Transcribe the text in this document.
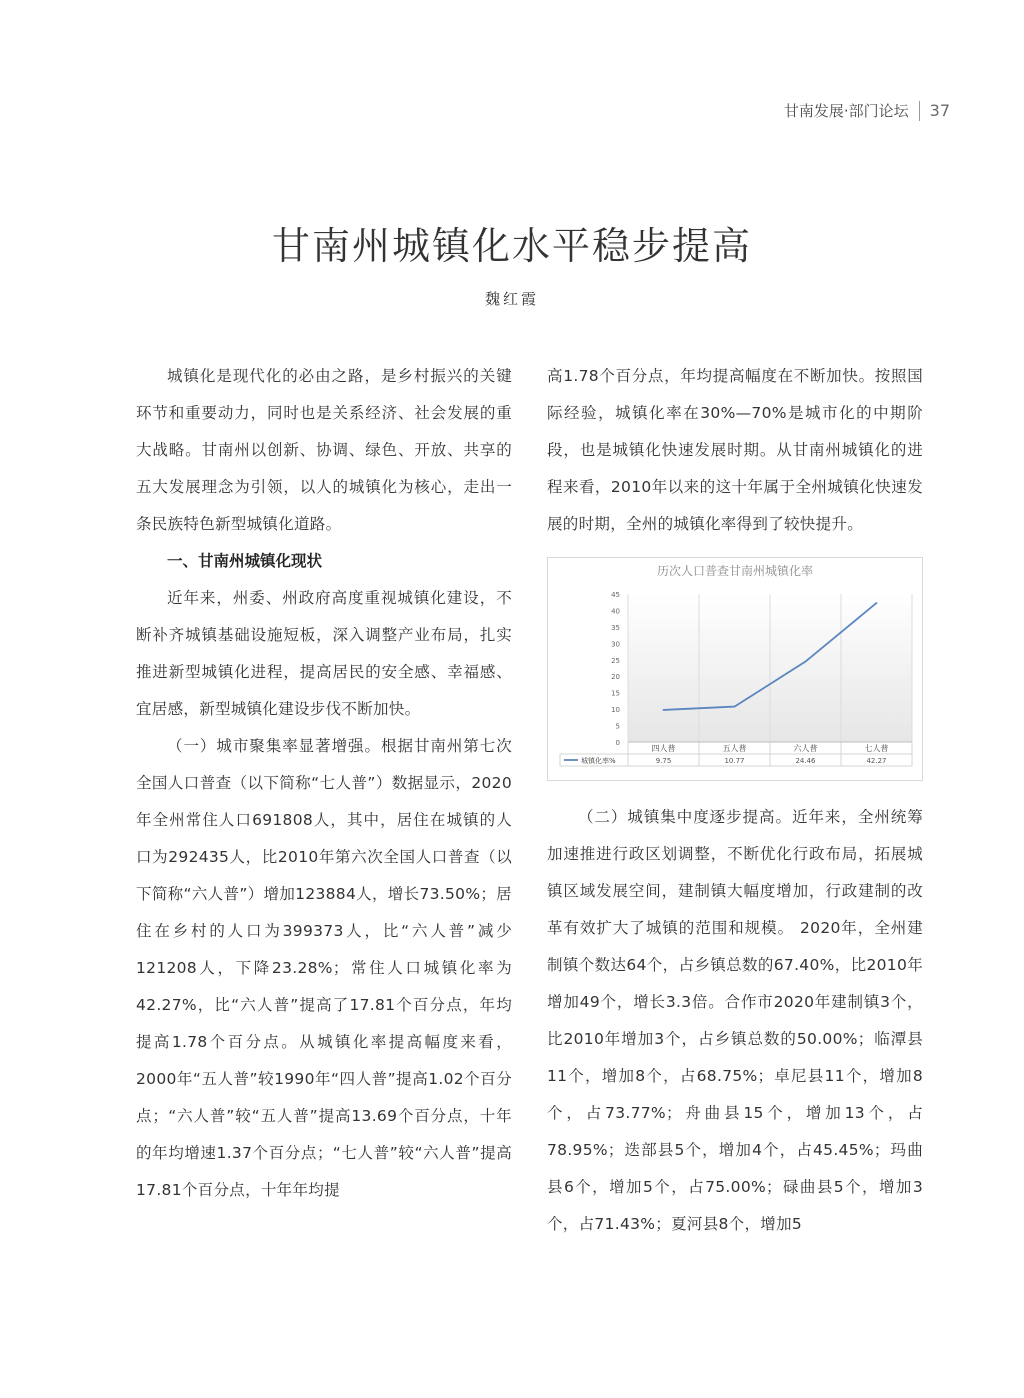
甘南发展·部门论坛 37
甘南州城镇化水平稳步提高
魏红霞

城镇化是现代化的必由之路，是乡村振兴的关键环节和重要动力，同时也是关系经济、社会发展的重大战略。甘南州以创新、协调、绿色、开放、共享的五大发展理念为引领，以人的城镇化为核心，走出一条民族特色新型城镇化道路。

一、甘南州城镇化现状

近年来，州委、州政府高度重视城镇化建设，不断补齐城镇基础设施短板，深入调整产业布局，扎实推进新型城镇化进程，提高居民的安全感、幸福感、宜居感，新型城镇化建设步伐不断加快。

（一）城市聚集率显著增强。根据甘南州第七次全国人口普查（以下简称“七人普”）数据显示，2020年全州常住人口691808人，其中，居住在城镇的人口为292435人，比2010年第六次全国人口普查（以下简称“六人普”）增加123884人，增长73.50%；居住在乡村的人口为399373人，比“六人普”减少121208人，下降23.28%；常住人口城镇化率为42.27%，比“六人普”提高了17.81个百分点，年均提高1.78个百分点。从城镇化率提高幅度来看，2000年“五人普”较1990年“四人普”提高1.02个百分点；“六人普”较“五人普”提高13.69个百分点，十年的年均增速1.37个百分点；“七人普”较“六人普”提高17.81个百分点，十年年均提

高1.78个百分点，年均提高幅度在不断加快。按照国际经验，城镇化率在30%—70%是城市化的中期阶段，也是城镇化快速发展时期。从甘南州城镇化的进程来看，2010年以来的这十年属于全州城镇化快速发展的时期，全州的城镇化率得到了较快提升。

历次人口普查甘南州城镇化率
0
5
10
15
20
25
30
35
40
45
四人普
9.75
五人普
10.77
六人普
24.46
七人普
42.27
城镇化率%

（二）城镇集中度逐步提高。近年来，全州统筹加速推进行政区划调整，不断优化行政布局，拓展城镇区域发展空间，建制镇大幅度增加，行政建制的改革有效扩大了城镇的范围和规模。 2020年，全州建制镇个数达64个，占乡镇总数的67.40%，比2010年增加49个，增长3.3倍。合作市2020年建制镇3个，比2010年增加3个，占乡镇总数的50.00%；临潭县11个，增加8个，占68.75%；卓尼县11个，增加8个，占73.77%；舟曲县15个，增加13个，占78.95%；迭部县5个，增加4个，占45.45%；玛曲县6个，增加5个，占75.00%；碌曲县5个，增加3个，占71.43%；夏河县8个，增加5
